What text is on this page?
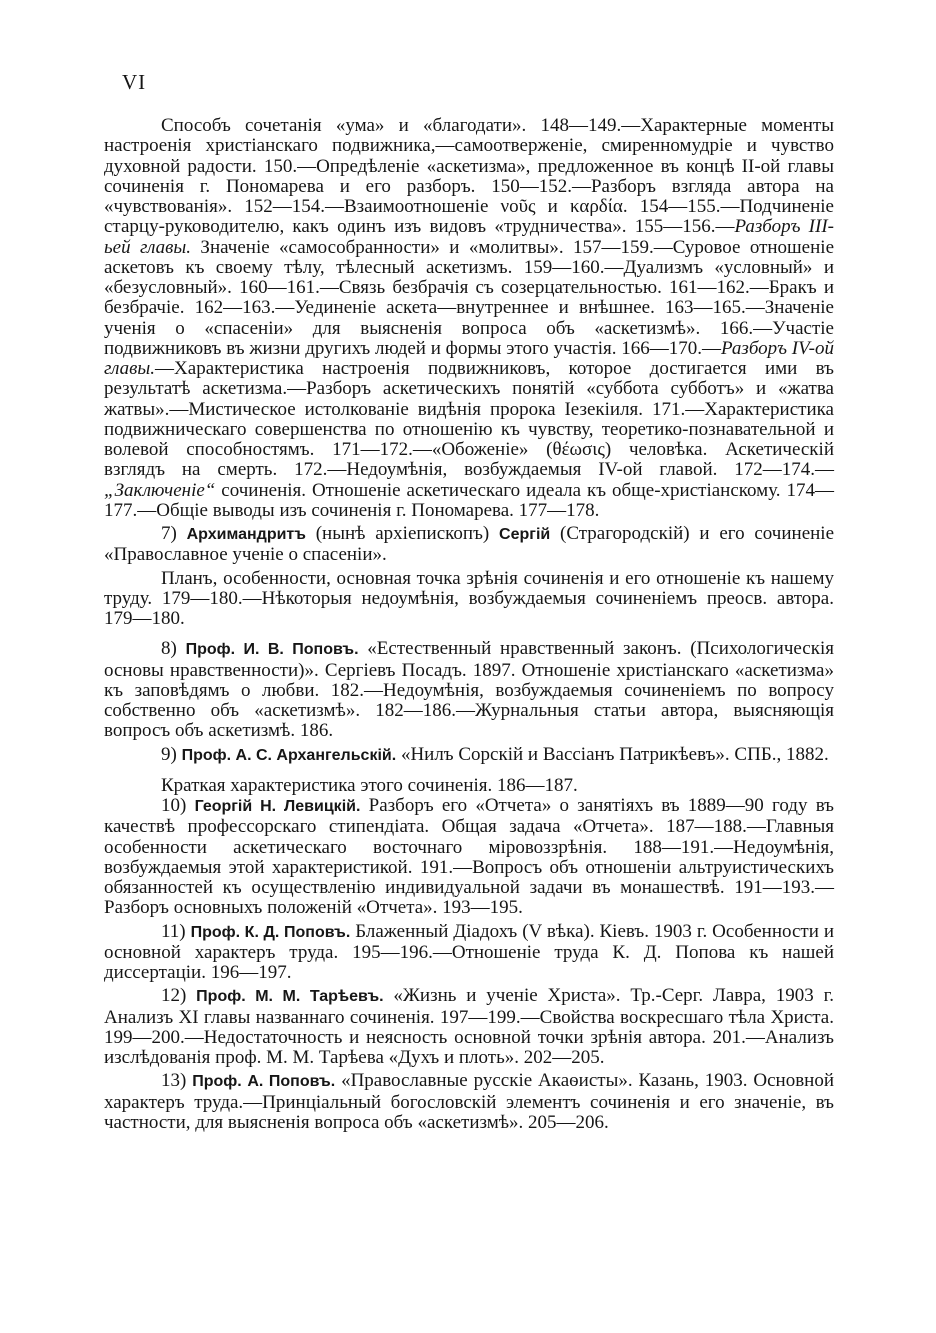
VI

Способъ сочетанія «ума» и «благодати». 148—149.—Характерные моменты настроенія христіанскаго подвижника,—самоотверженіе, смиренномудріе и чувство духовной радости. 150.—Опредѣленіе «аскетизма», предложенное въ концѣ II-ой главы сочиненія г. Пономарева и его разборъ. 150—152.—Разборъ взгляда автора на «чувствованія». 152—154.—Взаимоотношеніе νοῦς и καρδία. 154—155.—Подчиненіе старцу-руководителю, какъ одинъ изъ видовъ «трудничества». 155—156.—Разборъ III-ьей главы. Значеніе «самособранности» и «молитвы». 157—159.—Суровое отношеніе аскетовъ къ своему тѣлу, тѣлесный аскетизмъ. 159—160.—Дуализмъ «условный» и «безусловный». 160—161.—Связь безбрачія съ созерцательностью. 161—162.—Бракъ и безбрачіе. 162—163.—Уединеніе аскета—внутреннее и внѣшнее. 163—165.—Значеніе ученія о «спасеніи» для выясненія вопроса объ «аскетизмѣ». 166.—Участіе подвижниковъ въ жизни другихъ людей и формы этого участія. 166—170.—Разборъ IV-ой главы.—Характеристика настроенія подвижниковъ, которое достигается ими въ результатѣ аскетизма.—Разборъ аскетическихъ понятій «суббота субботъ» и «жатва жатвы».—Мистическое истолкованіе видѣнія пророка Іезекіиля. 171.—Характеристика подвижническаго совершенства по отношенію къ чувству, теоретико-познавательной и волевой способностямъ. 171—172.—«Обоженіе» (θέωσις) человѣка. Аскетическій взглядъ на смерть. 172.—Недоумѣнія, возбуждаемыя IV-ой главой. 172—174.—„Заключеніе“ сочиненія. Отношеніе аскетическаго идеала къ обще-христіанскому. 174—177.—Общіе выводы изъ сочиненія г. Пономарева. 177—178.

7) Архимандритъ (нынѣ архіепископъ) Сергій (Страгородскій) и его сочиненіе «Православное ученіе о спасеніи».

Планъ, особенности, основная точка зрѣнія сочиненія и его отношеніе къ нашему труду. 179—180.—Нѣкоторыя недоумѣнія, возбуждаемыя сочиненіемъ преосв. автора. 179—180.

8) Проф. И. В. Поповъ. «Естественный нравственный законъ. (Психологическія основы нравственности)». Сергіевъ Посадъ. 1897. Отношеніе христіанскаго «аскетизма» къ заповѣдямъ о любви. 182.—Недоумѣнія, возбуждаемыя сочиненіемъ по вопросу собственно объ «аскетизмѣ». 182—186.—Журнальныя статьи автора, выясняющія вопросъ объ аскетизмѣ. 186.

9) Проф. А. С. Архангельскій. «Нилъ Сорскій и Вассіанъ Патрикѣевъ». СПБ., 1882.

Краткая характеристика этого сочиненія. 186—187.

10) Георгій Н. Левицкій. Разборъ его «Отчета» о занятіяхъ въ 1889—90 году въ качествѣ профессорскаго стипендіата. Общая задача «Отчета». 187—188.—Главныя особенности аскетическаго восточнаго міровоззрѣнія. 188—191.—Недоумѣнія, возбуждаемыя этой характеристикой. 191.—Вопросъ объ отношеніи альтруистическихъ обязанностей къ осуществленію индивидуальной задачи въ монашествѣ. 191—193.—Разборъ основныхъ положеній «Отчета». 193—195.

11) Проф. К. Д. Поповъ. Блаженный Діадохъ (V вѣка). Кіевъ. 1903 г. Особенности и основной характеръ труда. 195—196.—Отношеніе труда К. Д. Попова къ нашей диссертаціи. 196—197.

12) Проф. М. М. Тарѣевъ. «Жизнь и ученіе Христа». Тр.-Серг. Лавра, 1903 г. Анализъ XI главы названнаго сочиненія. 197—199.—Свойства воскресшаго тѣла Христа. 199—200.—Недостаточность и неясность основной точки зрѣнія автора. 201.—Анализъ изслѣдованія проф. М. М. Тарѣева «Духъ и плоть». 202—205.

13) Проф. А. Поповъ. «Православные русскіе Акаѳисты». Казань, 1903. Основной характеръ труда.—Принціальный богословскій элементъ сочиненія и его значеніе, въ частности, для выясненія вопроса объ «аскетизмѣ». 205—206.
